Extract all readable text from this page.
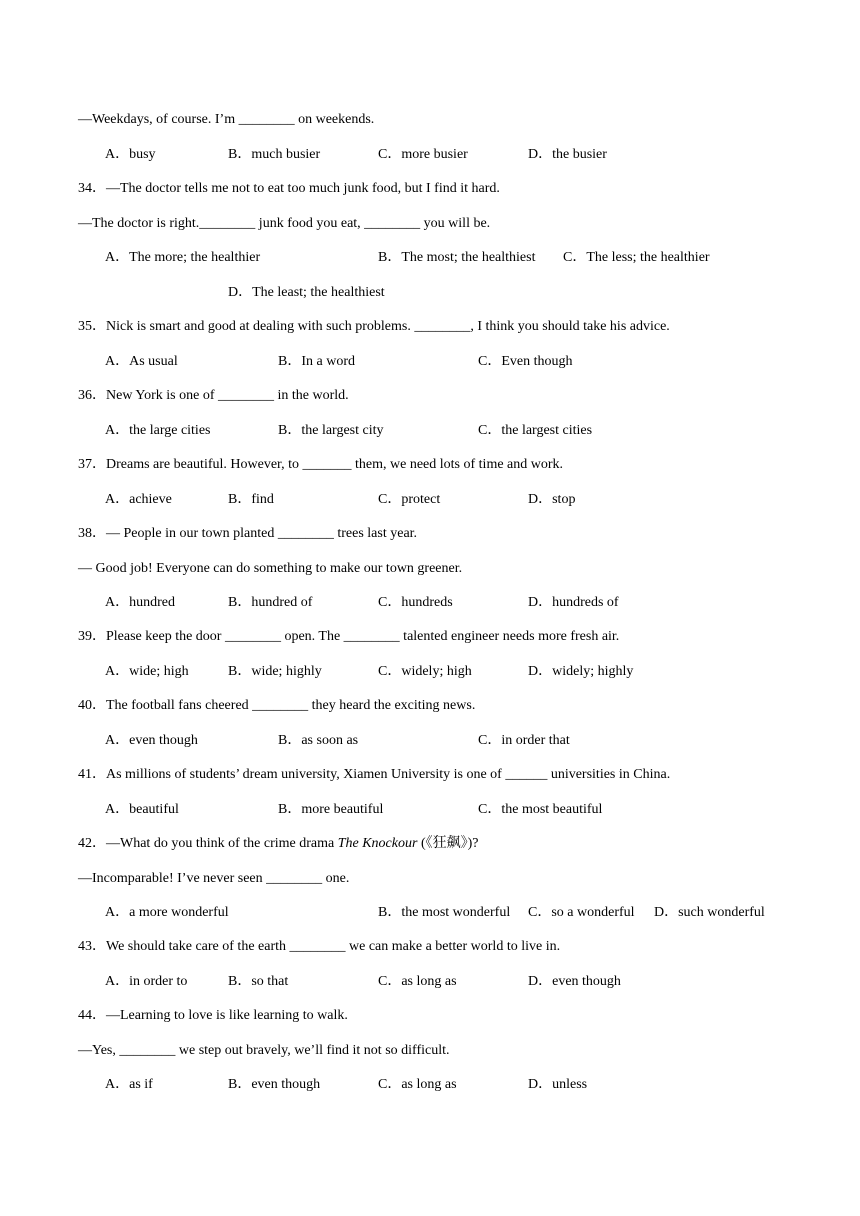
—Weekdays, of course. I’m ________ on weekends.
A．busy	B．much busier	C．more busier	D．the busier
34．—The doctor tells me not to eat too much junk food, but I find it hard.
—The doctor is right.________ junk food you eat, ________ you will be.
A．The more; the healthier	B．The most; the healthiest C．The less; the healthier
D．The least; the healthiest
35．Nick is smart and good at dealing with such problems. ________, I think you should take his advice.
A．As usual	B．In a word	C．Even though
36．New York is one of ________ in the world.
A．the large cities	B．the largest city	C．the largest cities
37．Dreams are beautiful. However, to _______ them, we need lots of time and work.
A．achieve	B．find	C．protect	D．stop
38．— People in our town planted ________ trees last year.
— Good job! Everyone can do something to make our town greener.
A．hundred	B．hundred of	C．hundreds	D．hundreds of
39．Please keep the door ________ open. The ________ talented engineer needs more fresh air.
A．wide; high	B．wide; highly	C．widely; high	D．widely; highly
40．The football fans cheered ________ they heard the exciting news.
A．even though	B．as soon as	C．in order that
41．As millions of students’ dream university, Xiamen University is one of ______ universities in China.
A．beautiful	B．more beautiful	C．the most beautiful
42．—What do you think of the crime drama The Knockour (《狂飙》)?
—Incomparable! I’ve never seen ________ one.
A．a more wonderful	B．the most wonderful C．so a wonderful D．such wonderful
43．We should take care of the earth ________ we can make a better world to live in.
A．in order to	B．so that	C．as long as	D．even though
44．—Learning to love is like learning to walk.
—Yes, ________ we step out bravely, we’ll find it not so difficult.
A．as if	B．even though	C．as long as	D．unless
